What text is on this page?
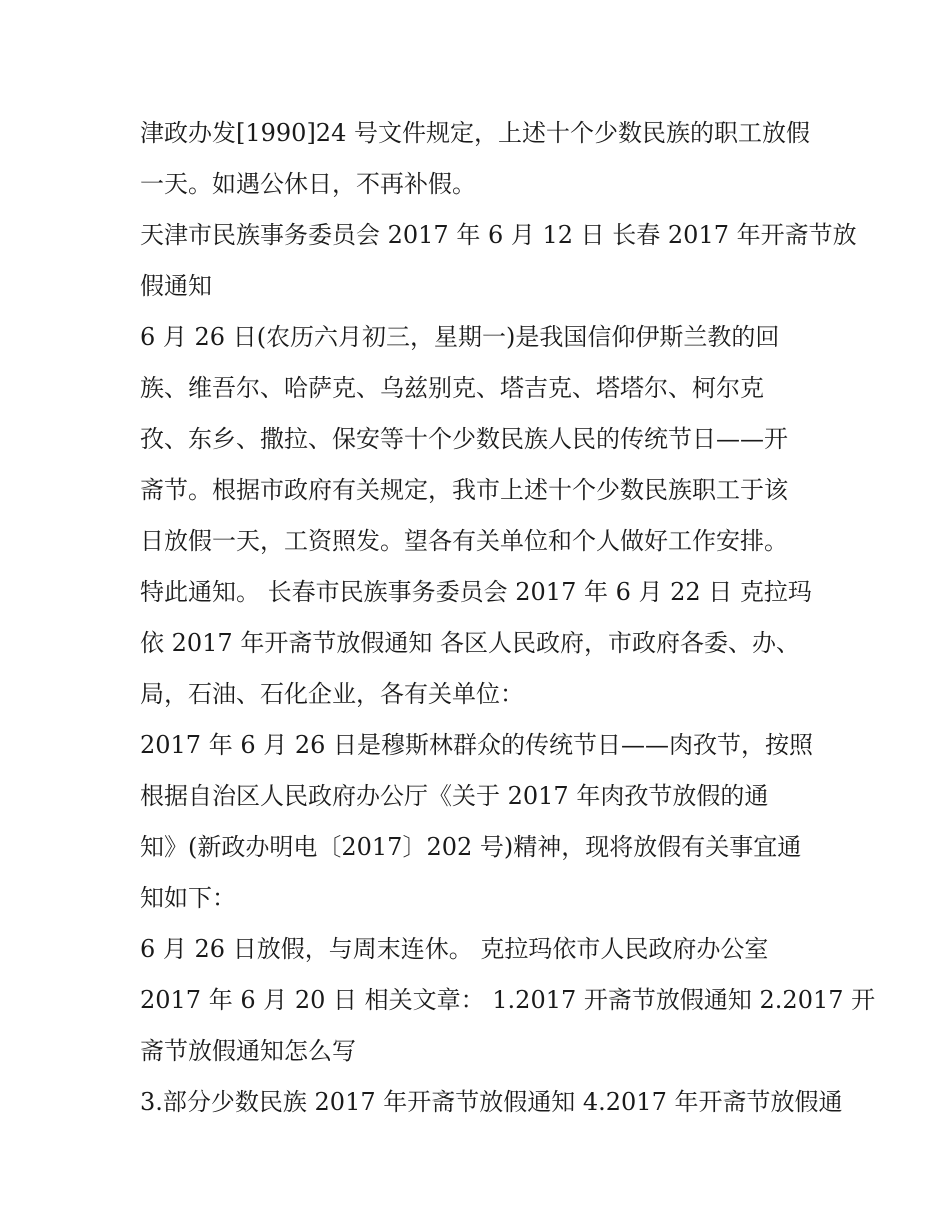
津政办发[1990]24 号文件规定，上述十个少数民族的职工放假
一天。如遇公休日，不再补假。
天津市民族事务委员会 2017 年 6 月 12 日 长春 2017 年开斋节放
假通知
6 月 26 日(农历六月初三，星期一)是我国信仰伊斯兰教的回
族、维吾尔、哈萨克、乌兹别克、塔吉克、塔塔尔、柯尔克
孜、东乡、撒拉、保安等十个少数民族人民的传统节日——开
斋节。根据市政府有关规定，我市上述十个少数民族职工于该
日放假一天，工资照发。望各有关单位和个人做好工作安排。
特此通知。 长春市民族事务委员会 2017 年 6 月 22 日 克拉玛
依 2017 年开斋节放假通知 各区人民政府，市政府各委、办、
局，石油、石化企业，各有关单位：
2017 年 6 月 26 日是穆斯林群众的传统节日——肉孜节，按照
根据自治区人民政府办公厅《关于 2017 年肉孜节放假的通
知》(新政办明电〔2017〕202 号)精神，现将放假有关事宜通
知如下：
6 月 26 日放假，与周末连休。 克拉玛依市人民政府办公室
2017 年 6 月 20 日 相关文章： 1.2017 开斋节放假通知 2.2017 开
斋节放假通知怎么写
3.部分少数民族 2017 年开斋节放假通知 4.2017 年开斋节放假通
